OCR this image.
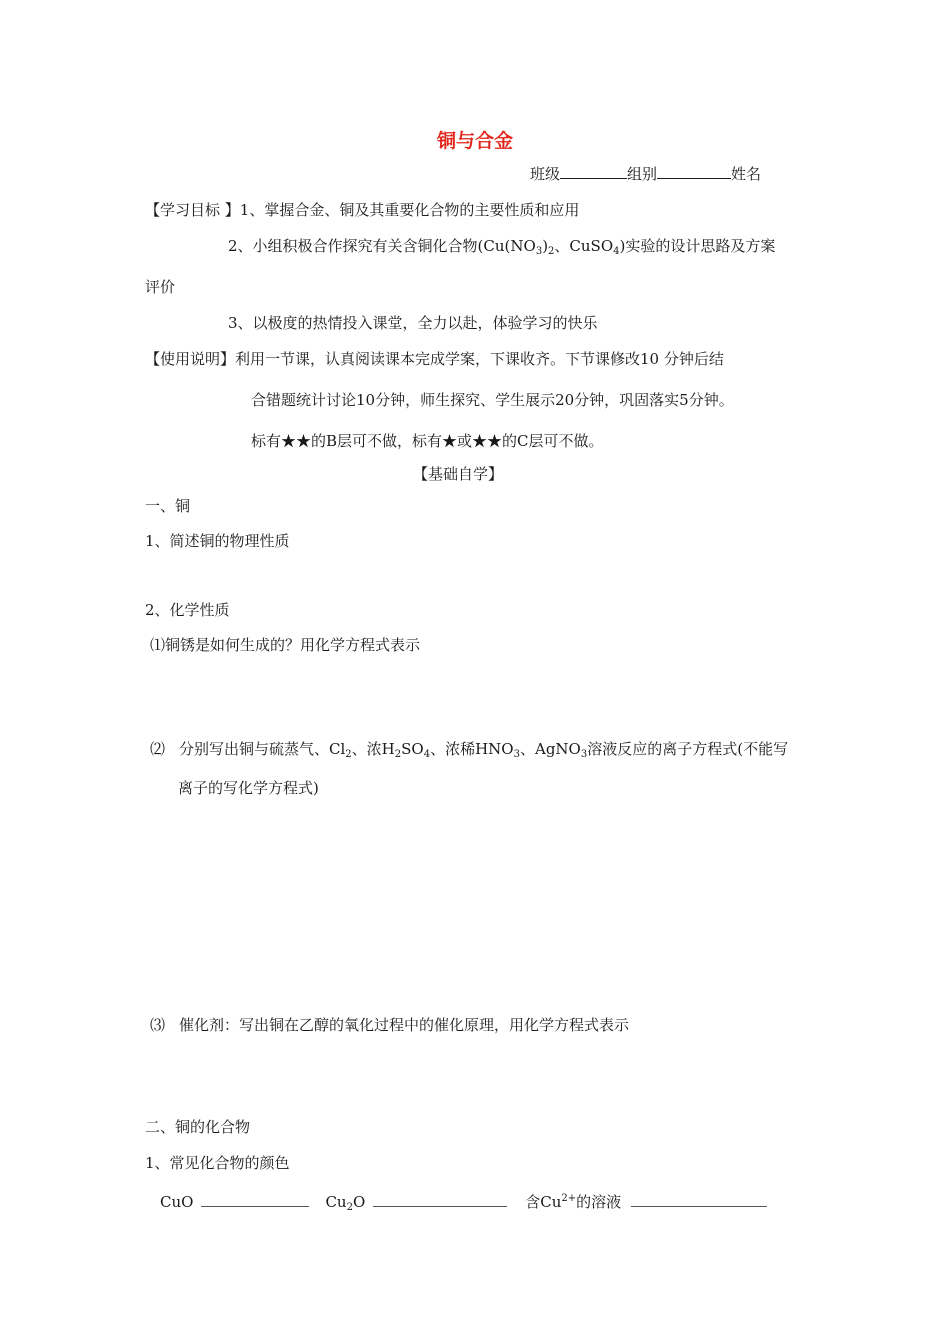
铜与合金
班级	组别	姓名
【学习目标 】1、掌握合金、铜及其重要化合物的主要性质和应用
2、小组积极合作探究有关含铜化合物($Cu(NO_3)_2$、CuSO$_4$)实验的设计思路及方案
评价
3、以极度的热情投入课堂，全力以赴，体验学习的快乐
【使用说明】利用一节课，认真阅读课本完成学案，下课收齐。下节课修改10 分钟后结
合错题统计讨论10分钟，师生探究、学生展示20分钟，巩固落实5分钟。
标有★★的B层可不做，标有★或★★的C层可不做。
【基础自学】
一、铜
1、简述铜的物理性质
2、化学性质
⑴铜锈是如何生成的？用化学方程式表示
⑵ 分别写出铜与硫蒸气、$Cl_2$、浓$H_2SO_4$、浓稀$HNO_3$、AgNO$_3$溶液反应的离子方程式(不能写
离子的写化学方程式)
⑶ 催化剂：写出铜在乙醇的氧化过程中的催化原理，用化学方程式表示
二、铜的化合物
1、常见化合物的颜色
CuO	$Cu_2O$	含$Cu^{2+}$的溶液
